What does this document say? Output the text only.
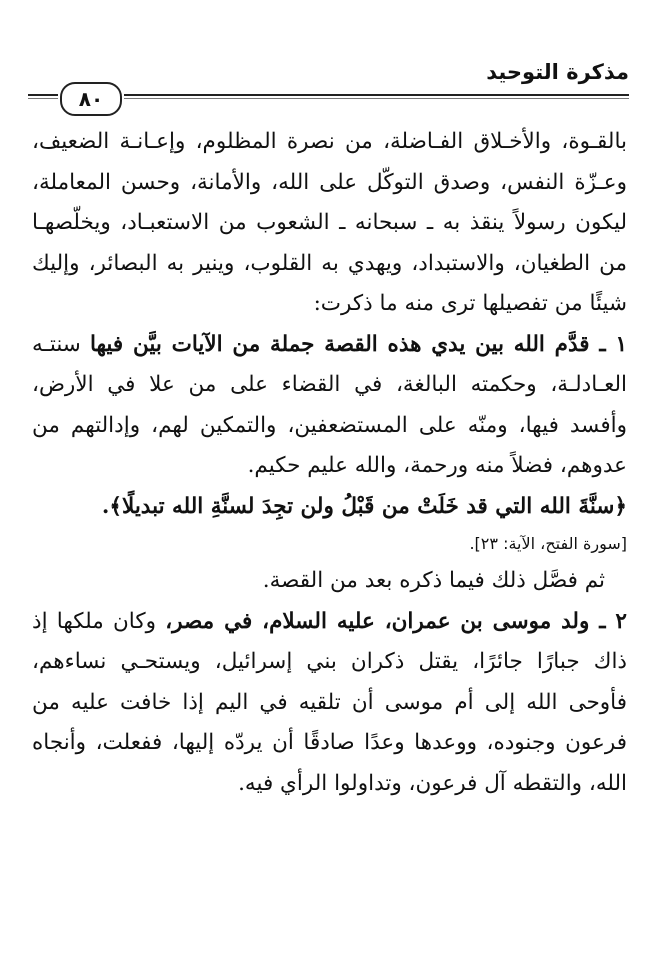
مذكرة التوحيد
٨٠

بالقـوة، والأخـلاق الفـاضلة، من نصرة المظلوم، وإعـانـة الضعيف، وعـزّة النفس، وصدق التوكّل على الله، والأمانة، وحسن المعاملة، ليكون رسولاً ينقذ به ـ سبحانه ـ الشعوب من الاستعبـاد، ويخلّصهـا من الطغيان، والاستبداد، ويهدي به القلوب، وينير به البصائر، وإليك شيئًا من تفصيلها ترى منه ما ذكرت:

١ ـ قدَّم الله بين يدي هذه القصة جملة من الآيات بيَّن فيها سنتـه العـادلـة، وحكمته البالغة، في القضاء على من علا في الأرض، وأفسد فيها، ومنّه على المستضعفين، والتمكين لهم، وإدالتهم من عدوهم، فضلاً منه ورحمة، والله عليم حكيم.

﴿سنَّةَ الله التي قد خَلَتْ من قَبْلُ ولن تجِدَ لسنَّةِ الله تبديلًا﴾.

[سورة الفتح، الآية: ٢٣].

ثم فصَّل ذلك فيما ذكره بعد من القصة.

٢ ـ ولد موسى بن عمران، عليه السلام، في مصر، وكان ملكها إذ ذاك جبارًا جائرًا، يقتل ذكران بني إسرائيل، ويستحـي نساءهم، فأوحى الله إلى أم موسى أن تلقيه في اليم إذا خافت عليه من فرعون وجنوده، ووعدها وعدًا صادقًا أن يردّه إليها، ففعلت، وأنجاه الله، والتقطه آل فرعون، وتداولوا الرأي فيه.
